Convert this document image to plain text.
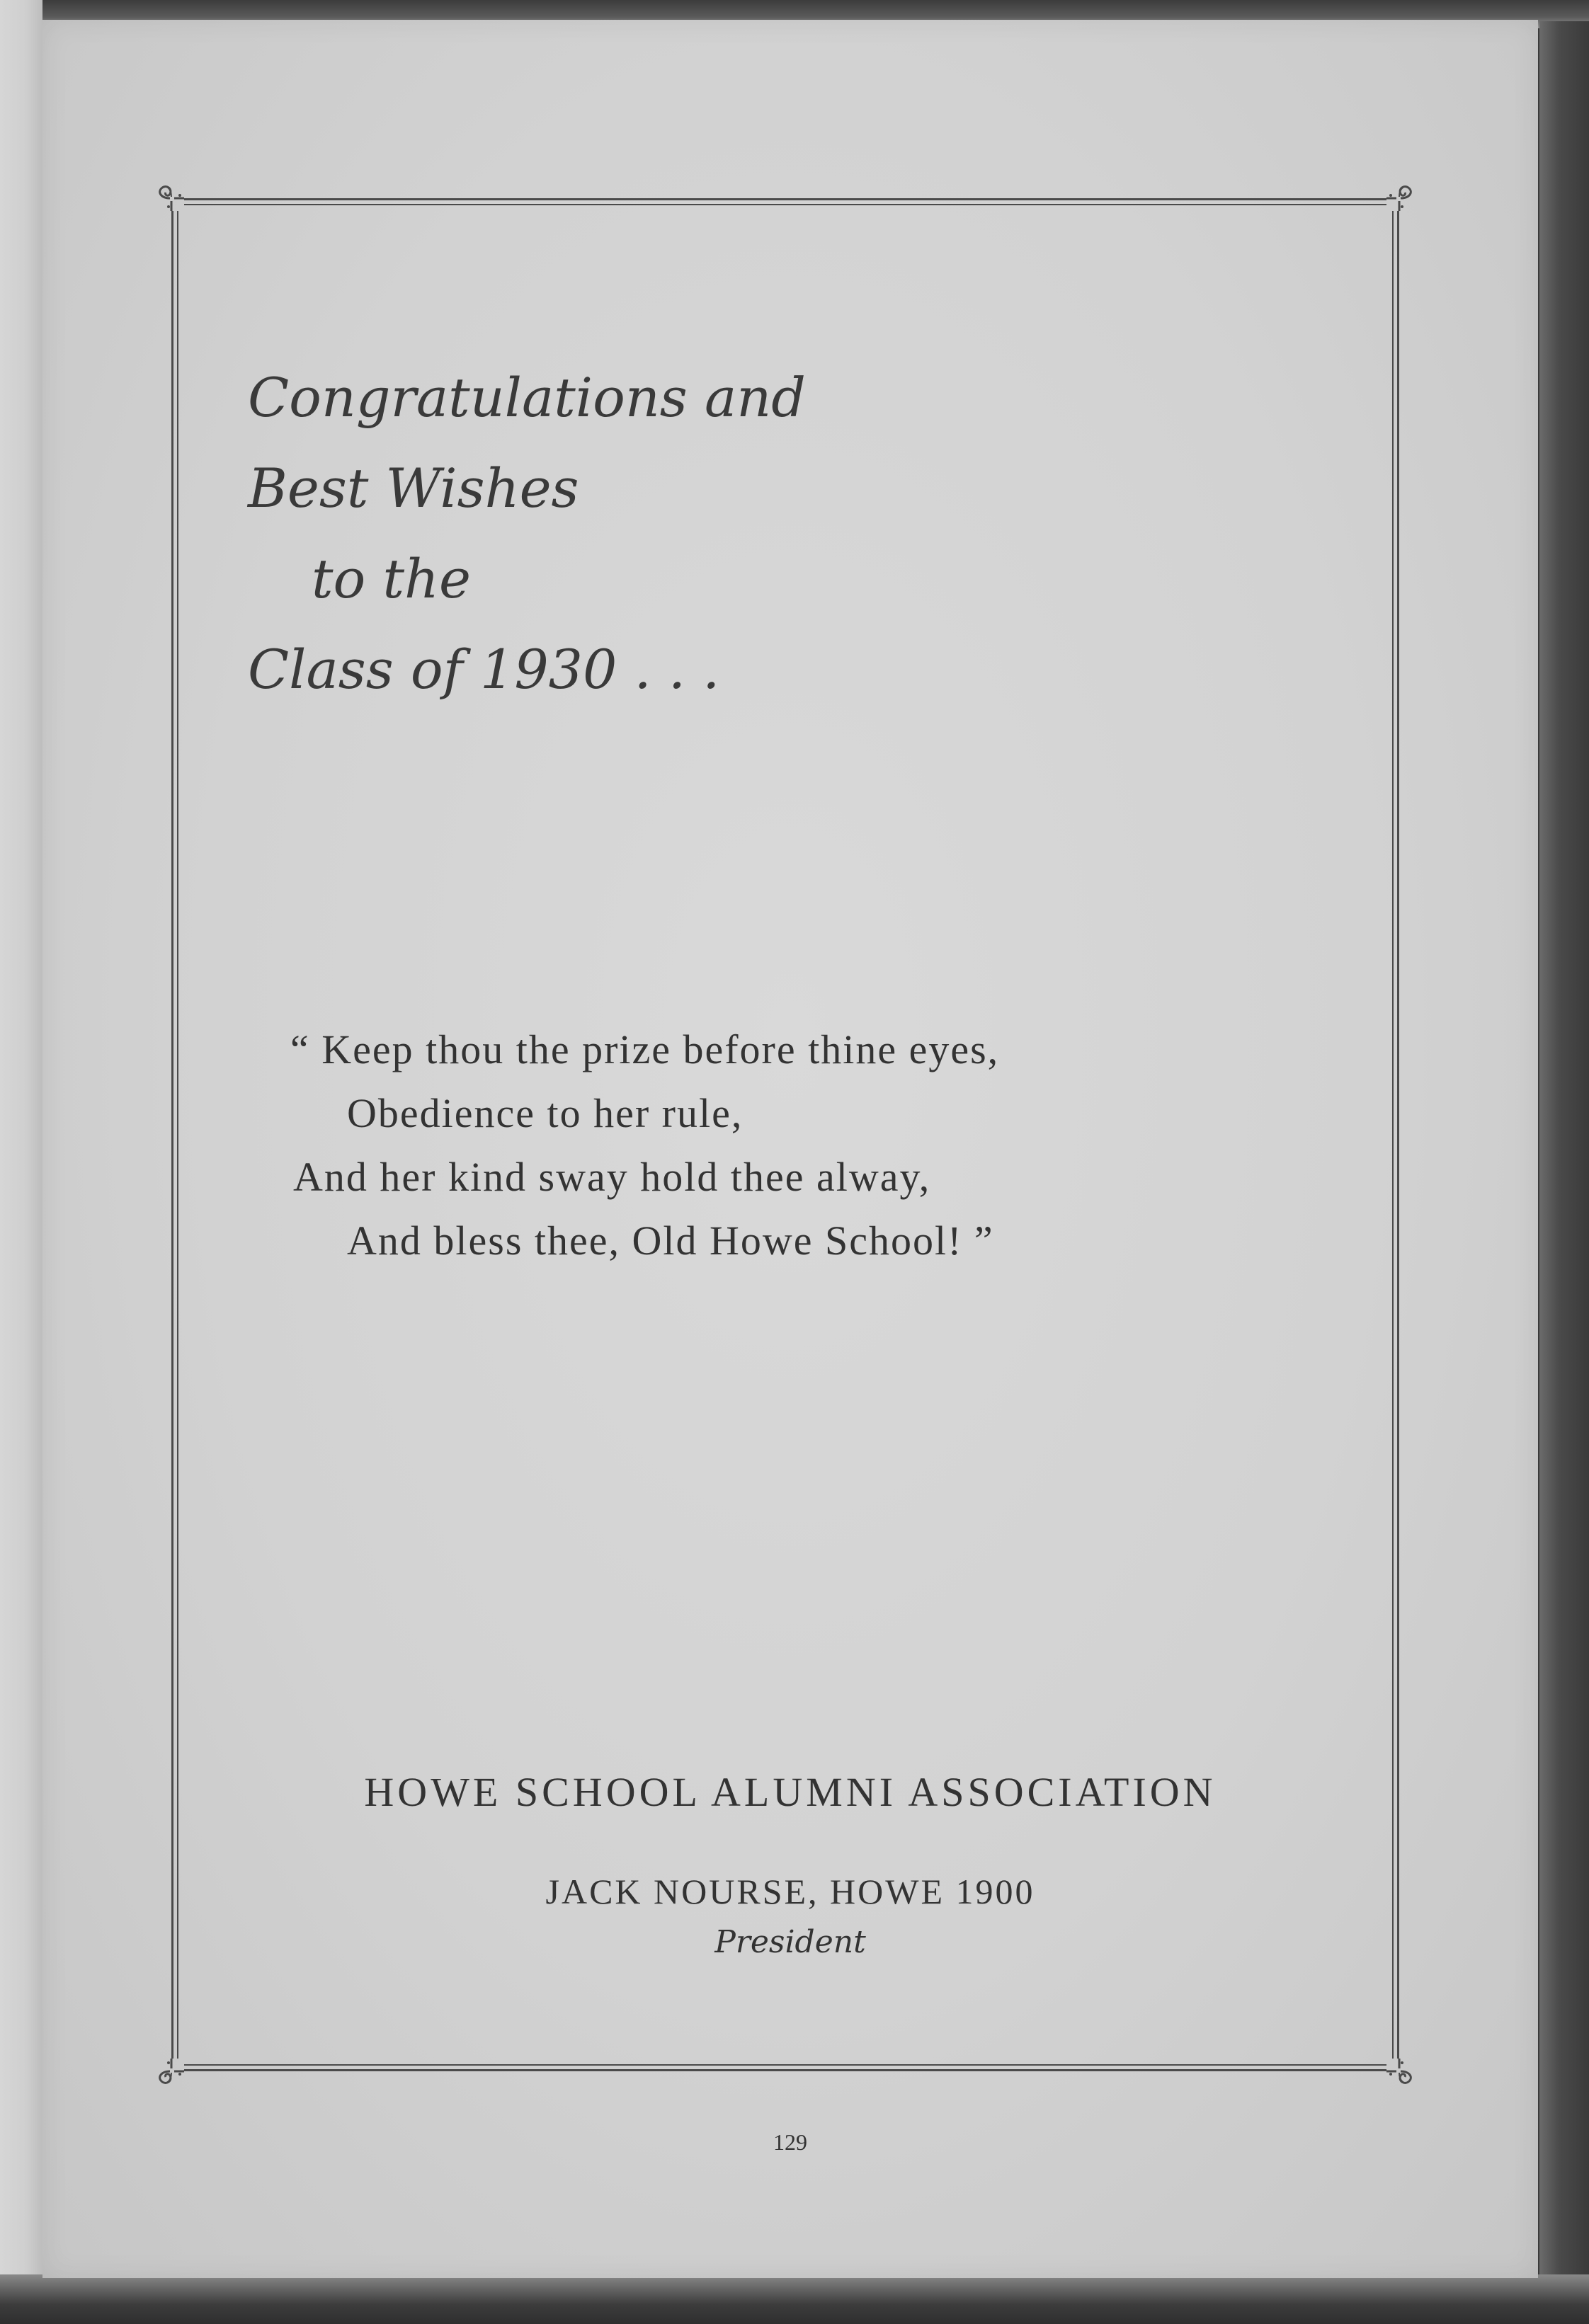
Congratulations and
Best Wishes
to the
Class of 1930 . . .
“ Keep thou the prize before thine eyes,
Obedience to her rule,
And her kind sway hold thee alway,
And bless thee, Old Howe School! ”
HOWE SCHOOL ALUMNI ASSOCIATION
JACK NOURSE, HOWE 1900
President
129
